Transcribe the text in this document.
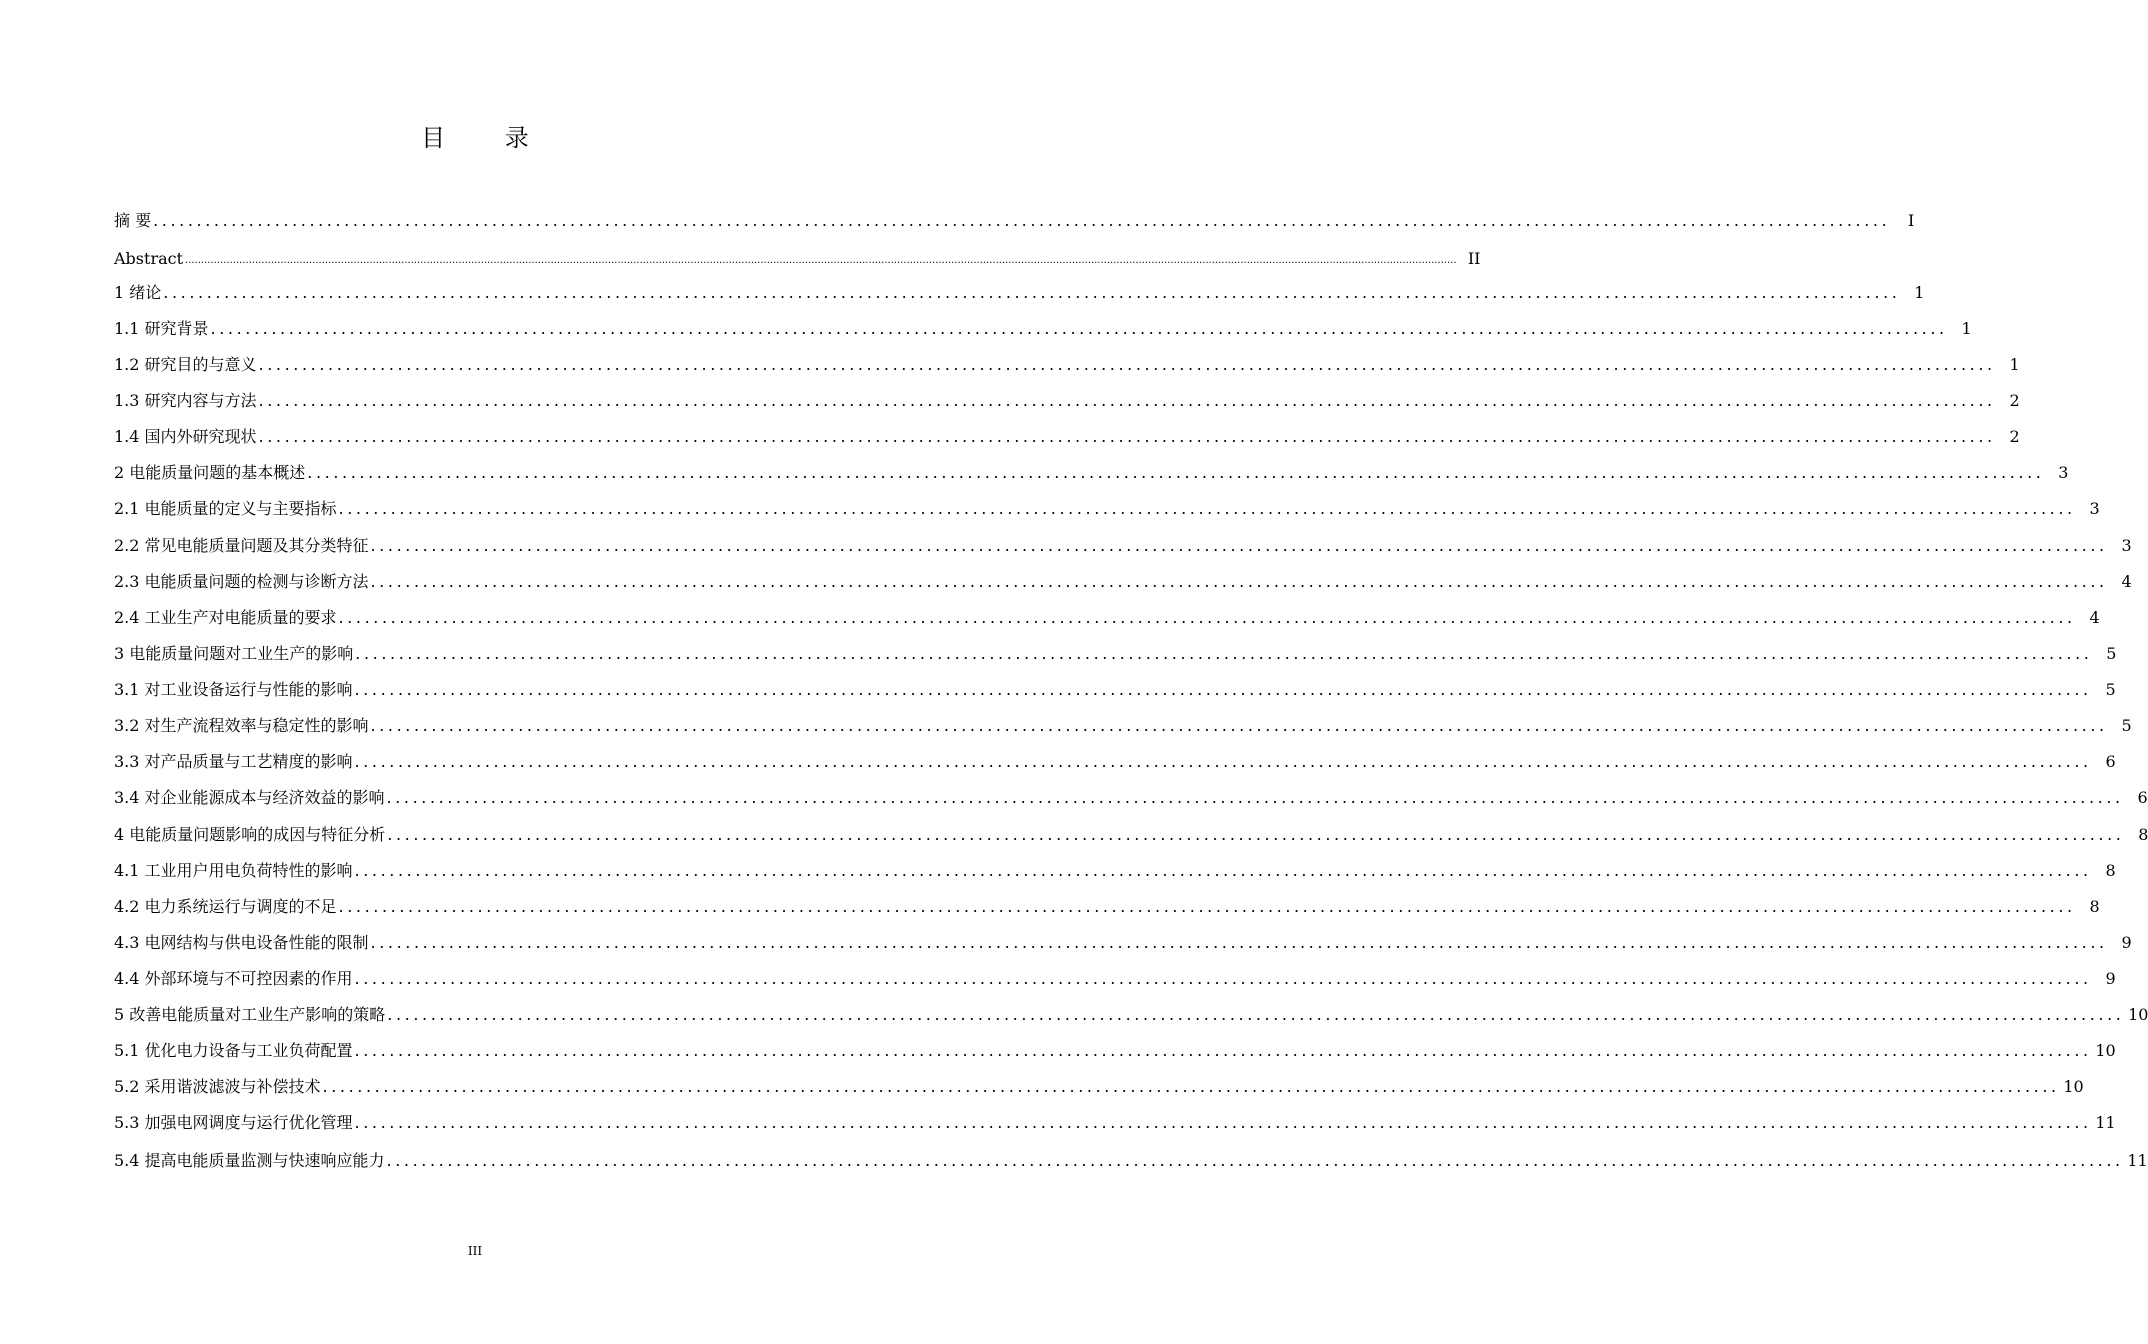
目 录
摘 要 ........................................................................................................................................................................................................	I
Abstract ................................................................................................................................................................................................................................................................................................................................................................................................................ II
1 绪论 ........................................................................................................................................................................................................ 1
1.1 研究背景 ........................................................................................................................................................................................................ 1
1.2 研究目的与意义 ........................................................................................................................................................................................................ 1
1.3 研究内容与方法 ........................................................................................................................................................................................................ 2
1.4 国内外研究现状 ........................................................................................................................................................................................................ 2
2 电能质量问题的基本概述 ........................................................................................................................................................................................................ 3
2.1 电能质量的定义与主要指标 ........................................................................................................................................................................................................ 3
2.2 常见电能质量问题及其分类特征 ........................................................................................................................................................................................................ 3
2.3 电能质量问题的检测与诊断方法 ........................................................................................................................................................................................................ 4
2.4 工业生产对电能质量的要求 ........................................................................................................................................................................................................ 4
3 电能质量问题对工业生产的影响 ........................................................................................................................................................................................................ 5
3.1 对工业设备运行与性能的影响 ........................................................................................................................................................................................................ 5
3.2 对生产流程效率与稳定性的影响 ........................................................................................................................................................................................................ 5
3.3 对产品质量与工艺精度的影响 ........................................................................................................................................................................................................ 6
3.4 对企业能源成本与经济效益的影响 ........................................................................................................................................................................................................ 6
4 电能质量问题影响的成因与特征分析 ........................................................................................................................................................................................................ 8
4.1 工业用户用电负荷特性的影响 ........................................................................................................................................................................................................ 8
4.2 电力系统运行与调度的不足 ........................................................................................................................................................................................................ 8
4.3 电网结构与供电设备性能的限制 ........................................................................................................................................................................................................ 9
4.4 外部环境与不可控因素的作用 ........................................................................................................................................................................................................ 9
5 改善电能质量对工业生产影响的策略 ........................................................................................................................................................................................................ 10
5.1 优化电力设备与工业负荷配置 ........................................................................................................................................................................................................ 10
5.2 采用谐波滤波与补偿技术 ........................................................................................................................................................................................................ 10
5.3 加强电网调度与运行优化管理 ........................................................................................................................................................................................................ 11
5.4 提高电能质量监测与快速响应能力 ........................................................................................................................................................................................................ 11
III
